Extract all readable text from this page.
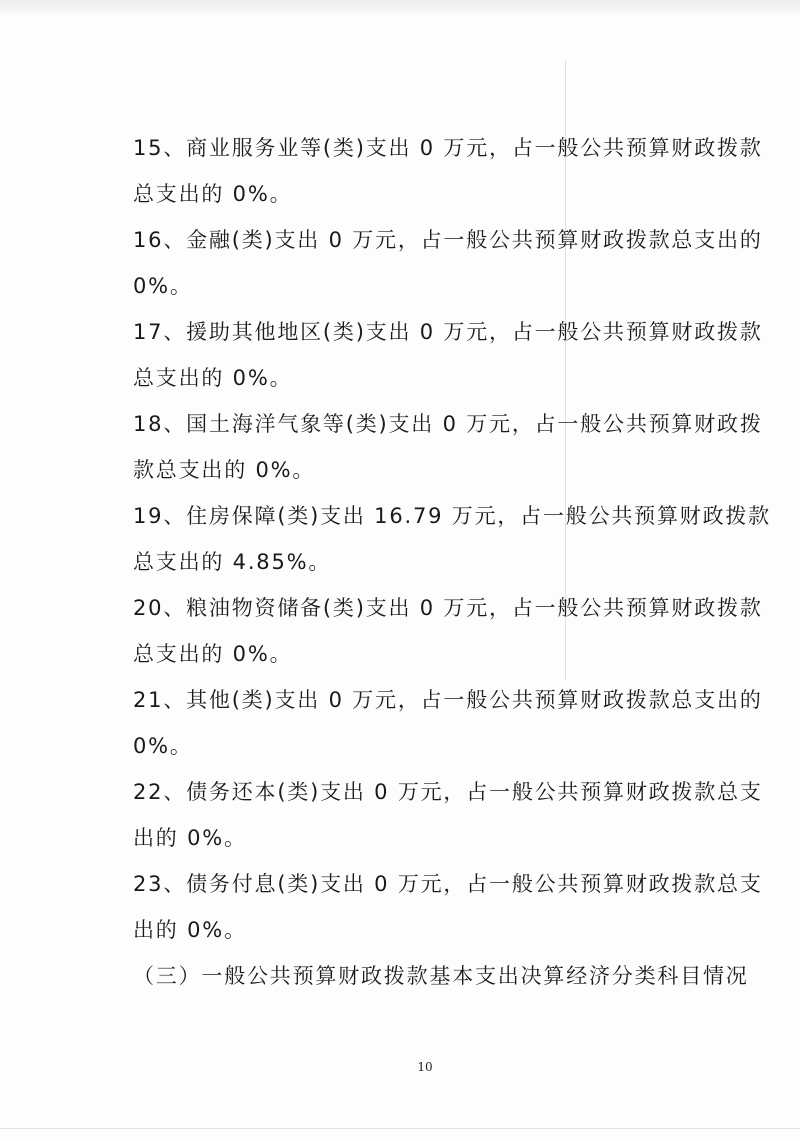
15、商业服务业等(类)支出 0 万元，占一般公共预算财政拨款
总支出的 0%。

16、金融(类)支出 0 万元，占一般公共预算财政拨款总支出的
0%。

17、援助其他地区(类)支出 0 万元，占一般公共预算财政拨款
总支出的 0%。

18、国土海洋气象等(类)支出 0 万元，占一般公共预算财政拨
款总支出的 0%。

19、住房保障(类)支出 16.79 万元，占一般公共预算财政拨款
总支出的 4.85%。

20、粮油物资储备(类)支出 0 万元，占一般公共预算财政拨款
总支出的 0%。

21、其他(类)支出 0 万元，占一般公共预算财政拨款总支出的
0%。

22、债务还本(类)支出 0 万元，占一般公共预算财政拨款总支
出的 0%。

23、债务付息(类)支出 0 万元，占一般公共预算财政拨款总支
出的 0%。

（三）一般公共预算财政拨款基本支出决算经济分类科目情况

10
